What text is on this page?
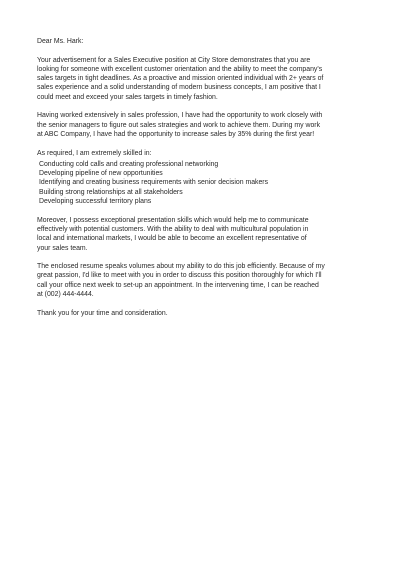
Dear Ms. Hark:

Your advertisement for a Sales Executive position at City Store demonstrates that you are
looking for someone with excellent customer orientation and the ability to meet the company's
sales targets in tight deadlines. As a proactive and mission oriented individual with 2+ years of
sales experience and a solid understanding of modern business concepts, I am positive that I
could meet and exceed your sales targets in timely fashion.

Having worked extensively in sales profession, I have had the opportunity to work closely with
the senior managers to figure out sales strategies and work to achieve them. During my work
at ABC Company, I have had the opportunity to increase sales by 35% during the first year!

As required, I am extremely skilled in:

Conducting cold calls and creating professional networking
Developing pipeline of new opportunities
Identifying and creating business requirements with senior decision makers
Building strong relationships at all stakeholders
Developing successful territory plans

Moreover, I possess exceptional presentation skills which would help me to communicate
effectively with potential customers. With the ability to deal with multicultural population in
local and international markets, I would be able to become an excellent representative of
your sales team.

The enclosed resume speaks volumes about my ability to do this job efficiently. Because of my
great passion, I'd like to meet with you in order to discuss this position thoroughly for which I'll
call your office next week to set-up an appointment. In the intervening time, I can be reached
at (002) 444-4444.

Thank you for your time and consideration.
